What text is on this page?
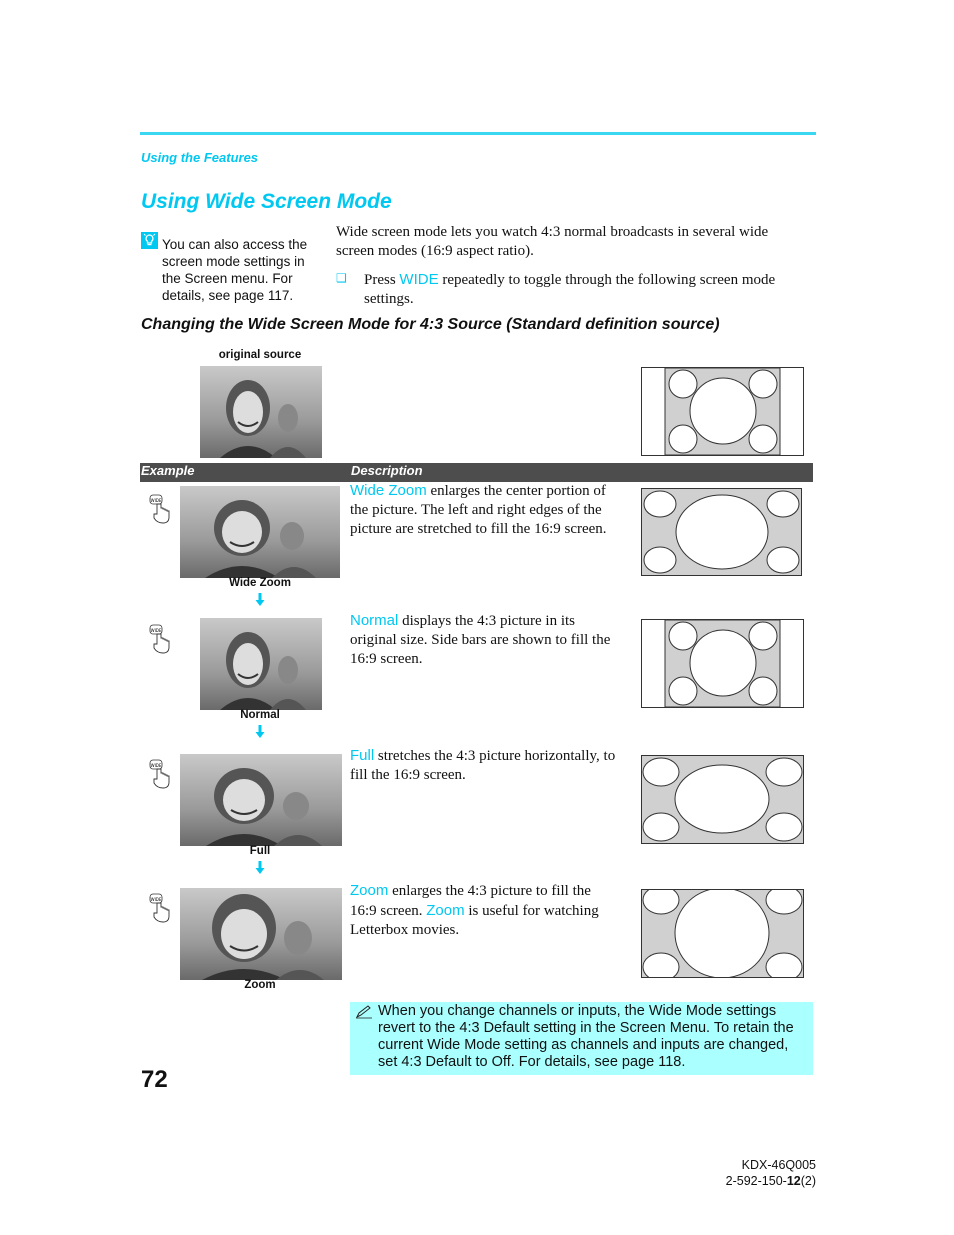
Using the Features
Using Wide Screen Mode
You can also access the screen mode settings in the Screen menu. For details, see page 117.
Wide screen mode lets you watch 4:3 normal broadcasts in several wide screen modes (16:9 aspect ratio).
❑ Press WIDE repeatedly to toggle through the following screen mode settings.
Changing the Wide Screen Mode for 4:3 Source (Standard definition source)
original source
Example	Description
WIDE
Wide Zoom
Wide Zoom enlarges the center portion of the picture. The left and right edges of the picture are stretched to fill the 16:9 screen.
WIDE
Normal
Normal displays the 4:3 picture in its original size. Side bars are shown to fill the 16:9 screen.
WIDE
Full
Full stretches the 4:3 picture horizontally, to fill the 16:9 screen.
WIDE
Zoom
Zoom enlarges the 4:3 picture to fill the 16:9 screen. Zoom is useful for watching Letterbox movies.
When you change channels or inputs, the Wide Mode settings revert to the 4:3 Default setting in the Screen Menu. To retain the current Wide Mode setting as channels and inputs are changed, set 4:3 Default to Off. For details, see page 118.
72
KDX-46Q005
2-592-150-12(2)
